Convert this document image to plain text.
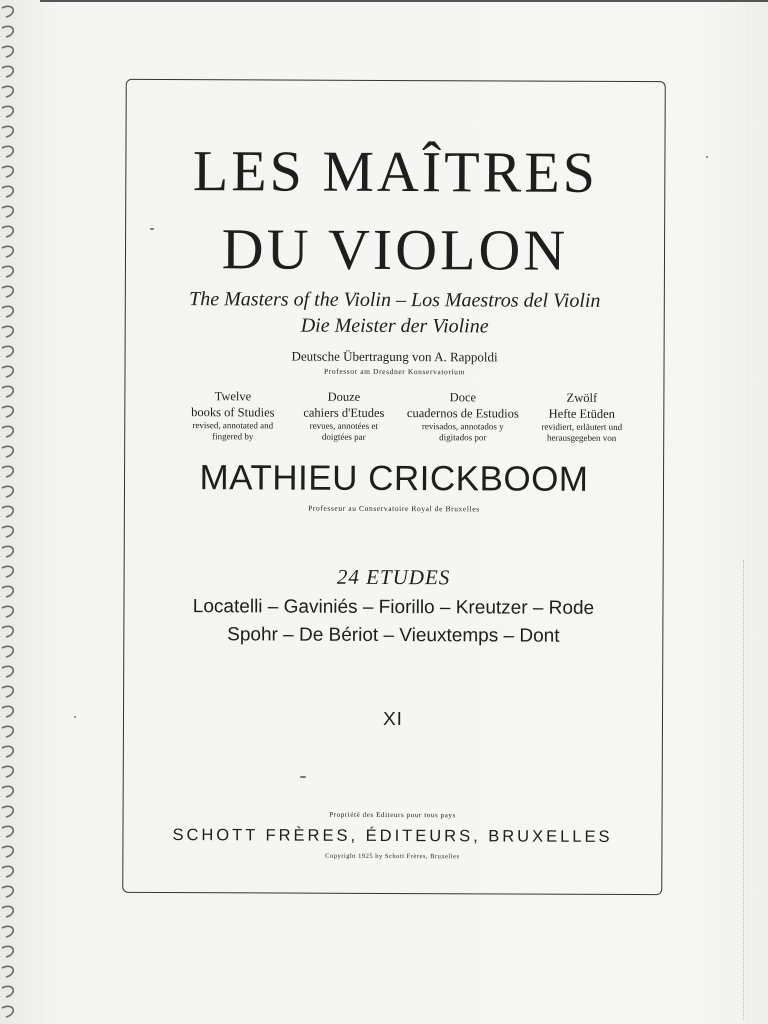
LES MAÎTRES
DU VIOLON
The Masters of the Violin – Los Maestros del Violin
Die Meister der Violine
Deutsche Übertragung von A. Rappoldi
Professor am Dresdner Konservatorium
Twelve
books of Studies
revised, annotated and
fingered by
Douze
cahiers d'Etudes
revues, annotées et
doigtées par
Doce
cuadernos de Estudios
revisados, annotados y
digitados por
Zwölf
Hefte Etüden
revidiert, erläutert und
herausgegeben von
MATHIEU CRICKBOOM
Professeur au Conservatoire Royal de Bruxelles
24 ETUDES
Locatelli – Gaviniés – Fiorillo – Kreutzer – Rode
Spohr – De Bériot – Vieuxtemps – Dont
XI
Propriété des Editeurs pour tous pays
SCHOTT FRÈRES, ÉDITEURS, BRUXELLES
Copyright 1925 by Schott Frères, Bruxelles
